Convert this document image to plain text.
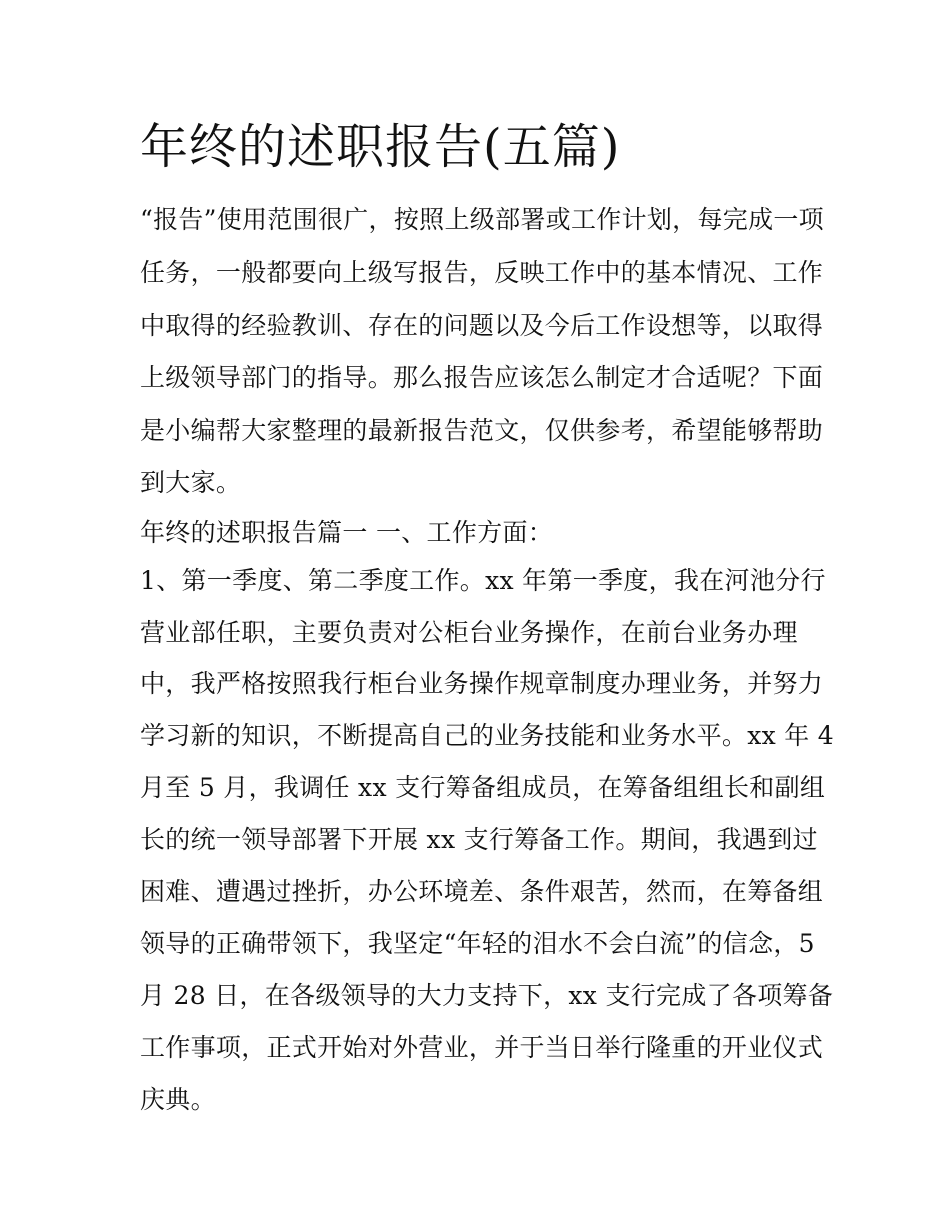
年终的述职报告(五篇)

“报告”使用范围很广，按照上级部署或工作计划，每完成一项

任务，一般都要向上级写报告，反映工作中的基本情况、工作

中取得的经验教训、存在的问题以及今后工作设想等，以取得

上级领导部门的指导。那么报告应该怎么制定才合适呢？下面

是小编帮大家整理的最新报告范文，仅供参考，希望能够帮助

到大家。

年终的述职报告篇一 一、工作方面：

1、第一季度、第二季度工作。xx 年第一季度，我在河池分行

营业部任职，主要负责对公柜台业务操作，在前台业务办理

中，我严格按照我行柜台业务操作规章制度办理业务，并努力

学习新的知识，不断提高自己的业务技能和业务水平。xx 年 4

月至 5 月，我调任 xx 支行筹备组成员，在筹备组组长和副组

长的统一领导部署下开展 xx 支行筹备工作。期间，我遇到过

困难、遭遇过挫折，办公环境差、条件艰苦，然而，在筹备组

领导的正确带领下，我坚定“年轻的泪水不会白流”的信念，5

月 28 日，在各级领导的大力支持下，xx 支行完成了各项筹备

工作事项，正式开始对外营业，并于当日举行隆重的开业仪式

庆典。
